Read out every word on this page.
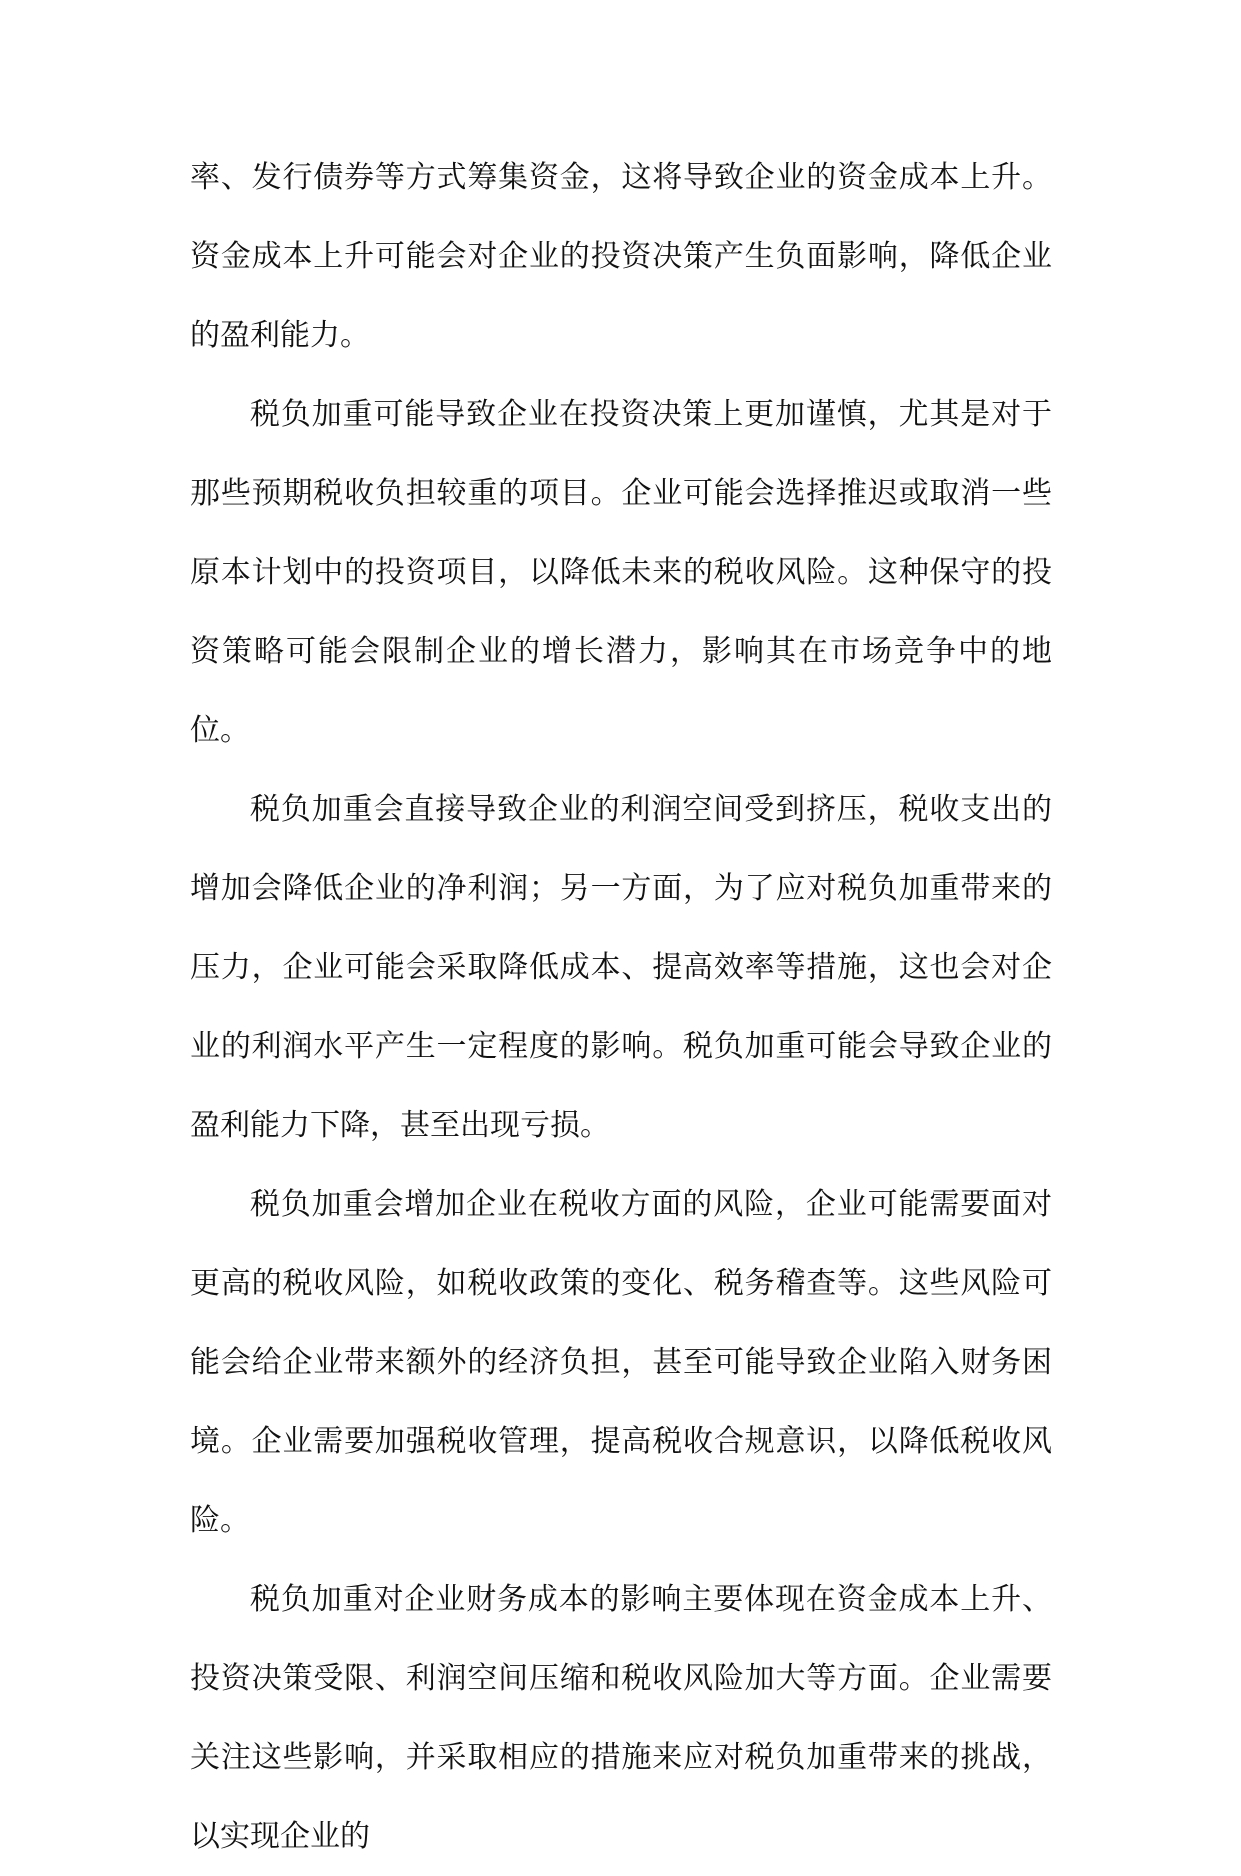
率、发行债券等方式筹集资金，这将导致企业的资金成本上升。资金成本上升可能会对企业的投资决策产生负面影响，降低企业的盈利能力。

税负加重可能导致企业在投资决策上更加谨慎，尤其是对于那些预期税收负担较重的项目。企业可能会选择推迟或取消一些原本计划中的投资项目，以降低未来的税收风险。这种保守的投资策略可能会限制企业的增长潜力，影响其在市场竞争中的地位。

税负加重会直接导致企业的利润空间受到挤压，税收支出的增加会降低企业的净利润；另一方面，为了应对税负加重带来的压力，企业可能会采取降低成本、提高效率等措施，这也会对企业的利润水平产生一定程度的影响。税负加重可能会导致企业的盈利能力下降，甚至出现亏损。

税负加重会增加企业在税收方面的风险，企业可能需要面对更高的税收风险，如税收政策的变化、税务稽查等。这些风险可能会给企业带来额外的经济负担，甚至可能导致企业陷入财务困境。企业需要加强税收管理，提高税收合规意识，以降低税收风险。

税负加重对企业财务成本的影响主要体现在资金成本上升、投资决策受限、利润空间压缩和税收风险加大等方面。企业需要关注这些影响，并采取相应的措施来应对税负加重带来的挑战，以实现企业的
